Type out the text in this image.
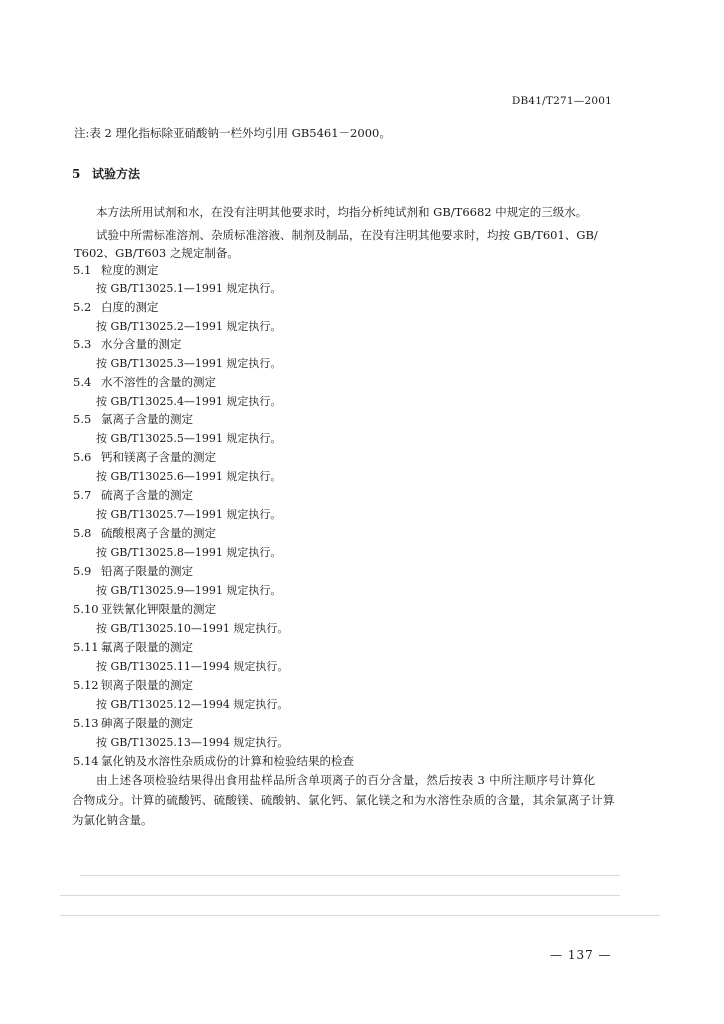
DB41/T271—2001
注:表 2 理化指标除亚硝酸钠一栏外均引用 GB5461－2000。
5 试验方法
本方法所用试剂和水，在没有注明其他要求时，均指分析纯试剂和 GB/T6682 中规定的三级水。
试验中所需标准溶剂、杂质标准溶液、制剂及制品，在没有注明其他要求时，均按 GB/T601、GB/
T602、GB/T603 之规定制备。
5.1 粒度的测定
按 GB/T13025.1—1991 规定执行。
5.2 白度的测定
按 GB/T13025.2—1991 规定执行。
5.3 水分含量的测定
按 GB/T13025.3—1991 规定执行。
5.4 水不溶性的含量的测定
按 GB/T13025.4—1991 规定执行。
5.5 氯离子含量的测定
按 GB/T13025.5—1991 规定执行。
5.6 钙和镁离子含量的测定
按 GB/T13025.6—1991 规定执行。
5.7 硫离子含量的测定
按 GB/T13025.7—1991 规定执行。
5.8 硫酸根离子含量的测定
按 GB/T13025.8—1991 规定执行。
5.9 铅离子限量的测定
按 GB/T13025.9—1991 规定执行。
5.10 亚铁氰化钾限量的测定
按 GB/T13025.10—1991 规定执行。
5.11 氟离子限量的测定
按 GB/T13025.11—1994 规定执行。
5.12 钡离子限量的测定
按 GB/T13025.12—1994 规定执行。
5.13 砷离子限量的测定
按 GB/T13025.13—1994 规定执行。
5.14 氯化钠及水溶性杂质成份的计算和检验结果的检查
由上述各项检验结果得出食用盐样品所含单项离子的百分含量，然后按表 3 中所注顺序号计算化
合物成分。计算的硫酸钙、硫酸镁、硫酸钠、氯化钙、氯化镁之和为水溶性杂质的含量，其余氯离子计算
为氯化钠含量。
— 137 —
